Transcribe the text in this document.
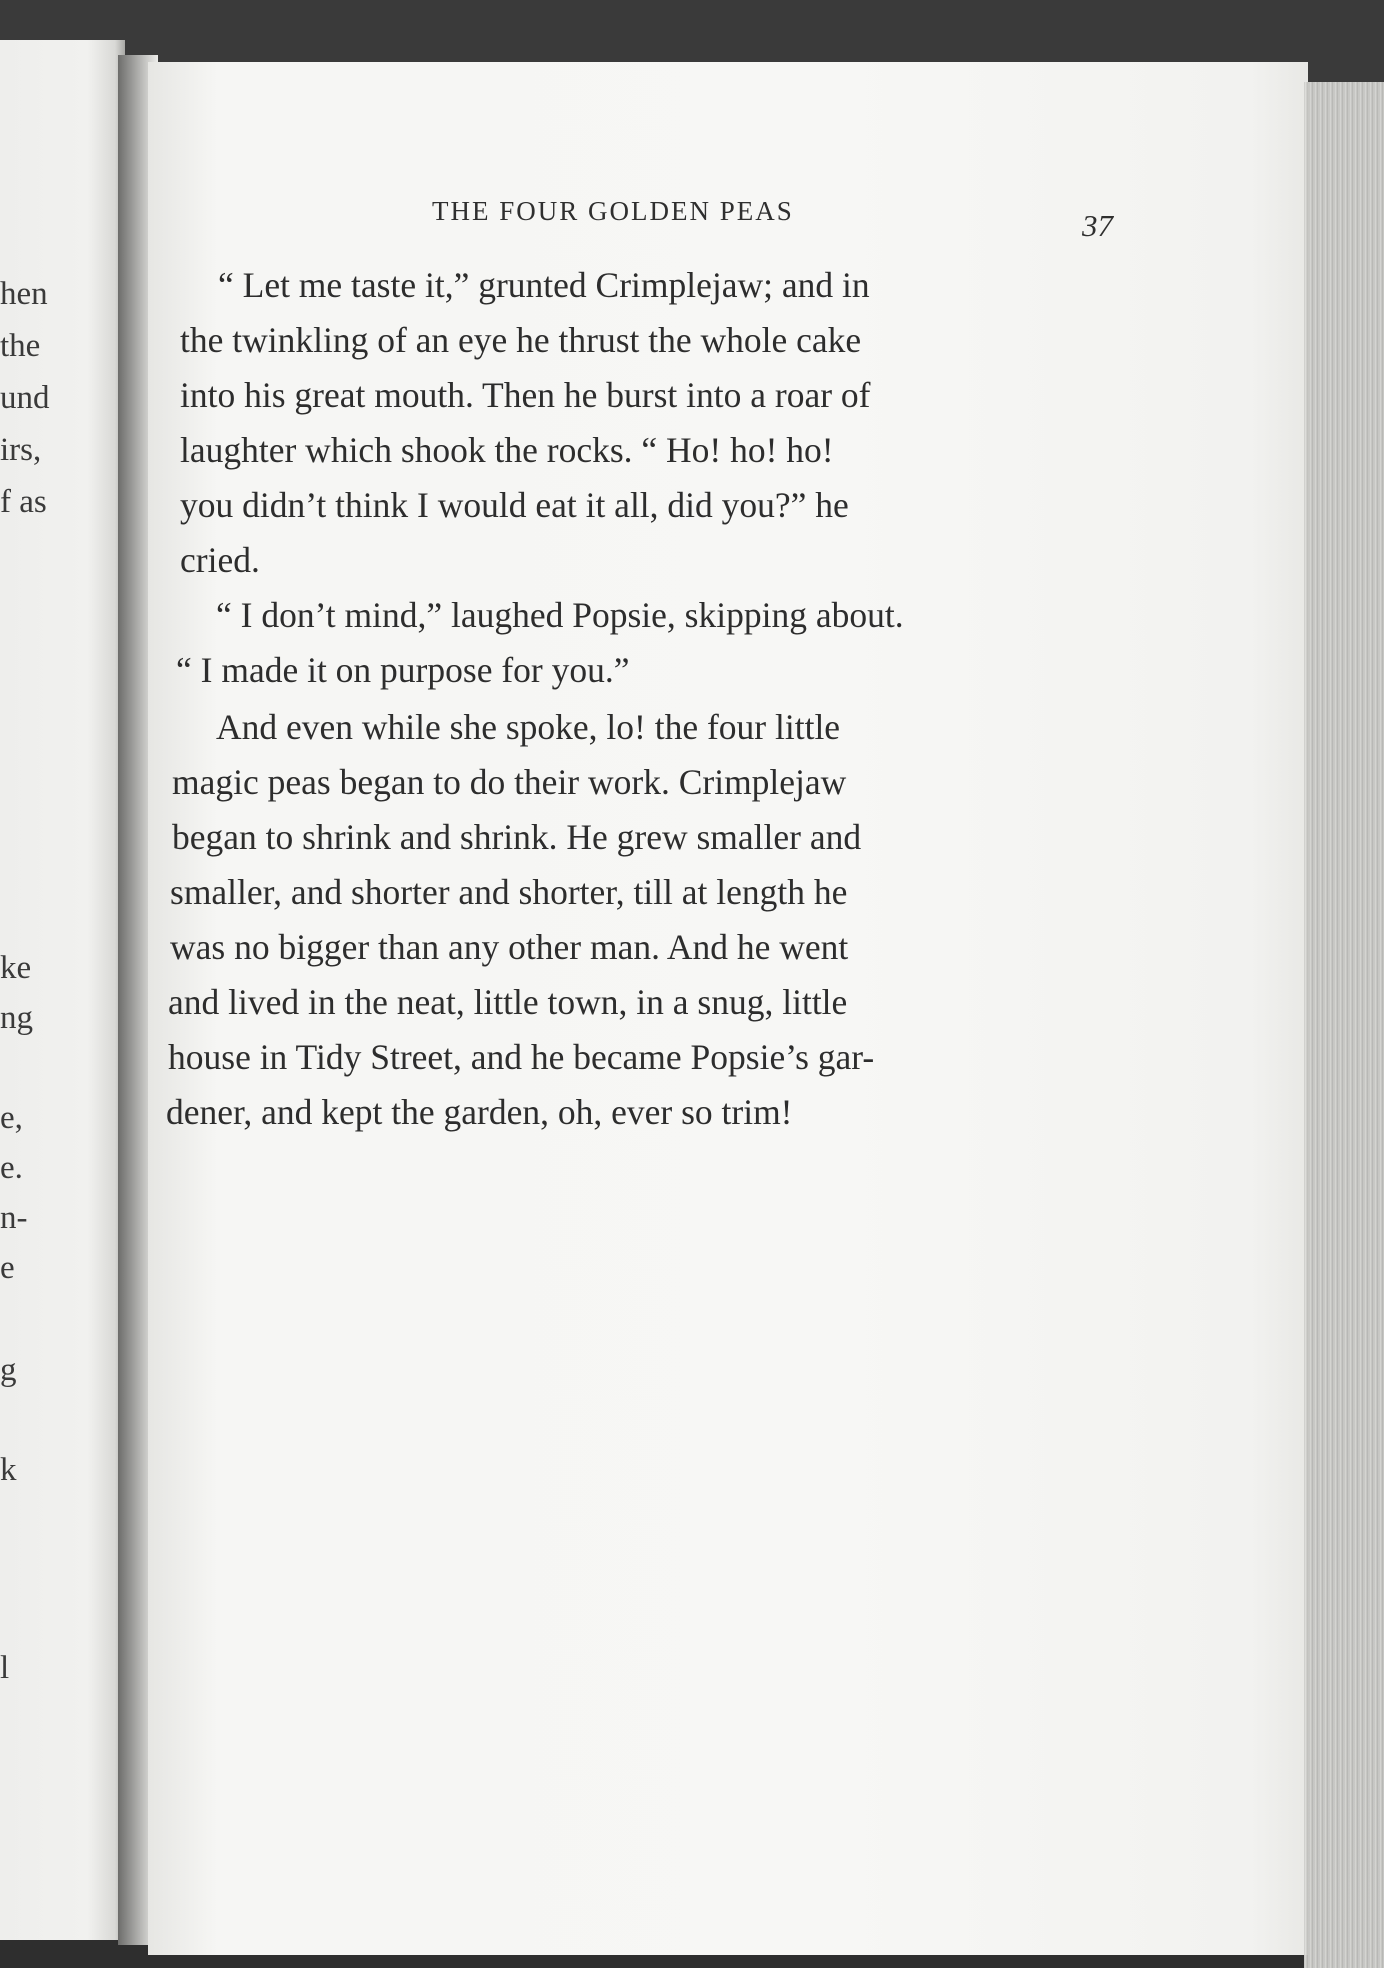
hen
the
und
irs,
f as
ke
ng
e,
e.
n-
e
g
k
l
THE FOUR GOLDEN PEAS	37
“ Let me taste it,” grunted Crimplejaw; and in
the twinkling of an eye he thrust the whole cake
into his great mouth. Then he burst into a roar of
laughter which shook the rocks. “ Ho! ho! ho!
you didn’t think I would eat it all, did you?” he
cried.
“ I don’t mind,” laughed Popsie, skipping about.
“ I made it on purpose for you.”
And even while she spoke, lo! the four little
magic peas began to do their work. Crimplejaw
began to shrink and shrink. He grew smaller and
smaller, and shorter and shorter, till at length he
was no bigger than any other man. And he went
and lived in the neat, little town, in a snug, little
house in Tidy Street, and he became Popsie’s gar-
dener, and kept the garden, oh, ever so trim!
